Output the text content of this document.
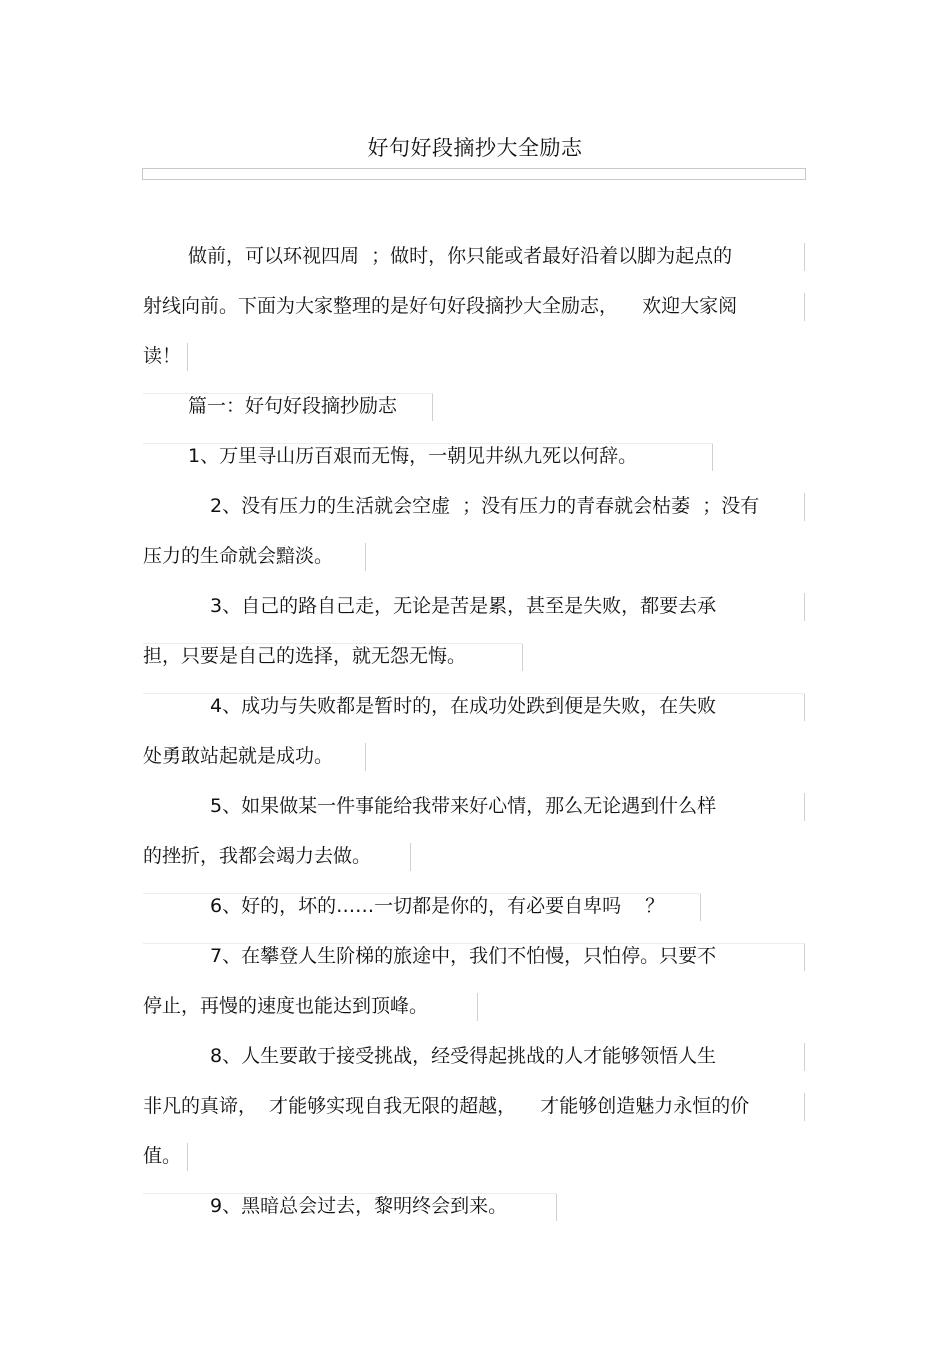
好句好段摘抄大全励志
做前，可以环视四周  ；做时，你只能或者最好沿着以脚为起点的
射线向前。下面为大家整理的是好句好段摘抄大全励志，    欢迎大家阅
读！
篇一：好句好段摘抄励志
1、万里寻山历百艰而无悔，一朝见井纵九死以何辞。
2、没有压力的生活就会空虚  ；没有压力的青春就会枯萎  ；没有
压力的生命就会黯淡。
3、自己的路自己走，无论是苦是累，甚至是失败，都要去承
担，只要是自己的选择，就无怨无悔。
4、成功与失败都是暂时的，在成功处跌到便是失败，在失败
处勇敢站起就是成功。
5、如果做某一件事能给我带来好心情，那么无论遇到什么样
的挫折，我都会竭力去做。
6、好的，坏的……一切都是你的，有必要自卑吗    ？
7、在攀登人生阶梯的旅途中，我们不怕慢，只怕停。只要不
停止，再慢的速度也能达到顶峰。
8、人生要敢于接受挑战，经受得起挑战的人才能够领悟人生
非凡的真谛，  才能够实现自我无限的超越，    才能够创造魅力永恒的价
值。
9、黑暗总会过去，黎明终会到来。
